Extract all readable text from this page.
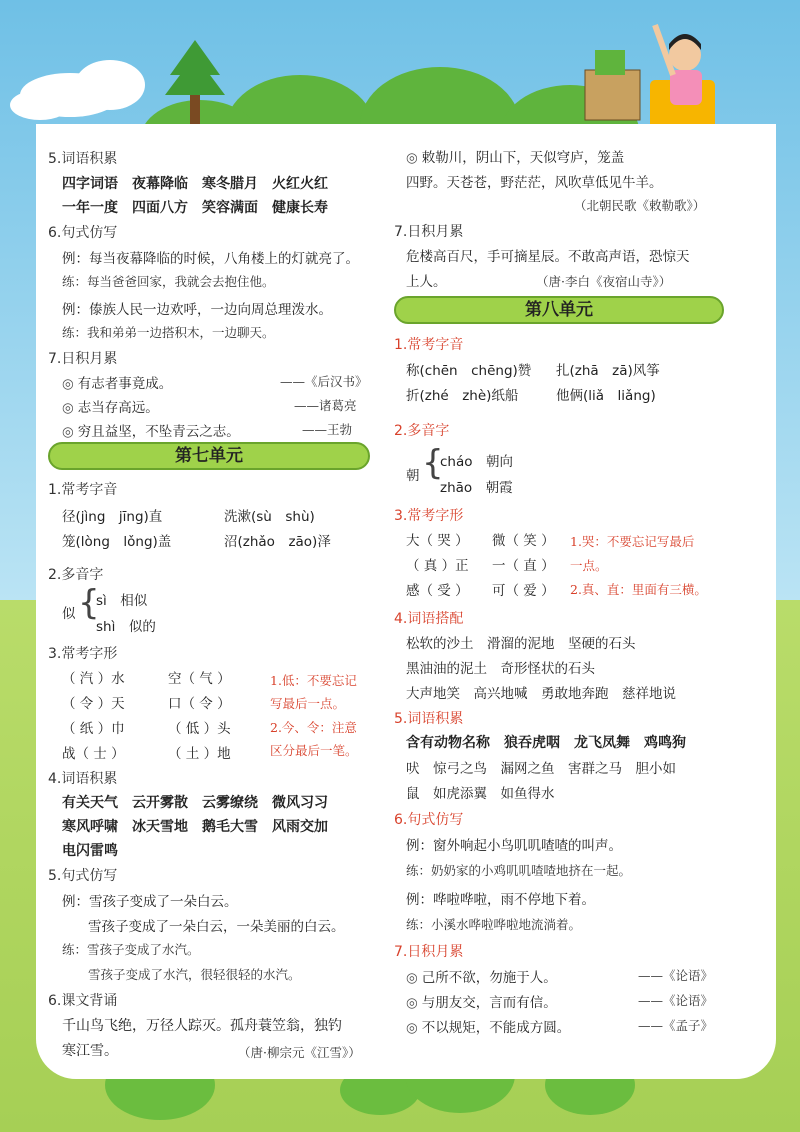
5.词语积累
四字词语　夜幕降临　寒冬腊月　火红火红
一年一度　四面八方　笑容满面　健康长寿
6.句式仿写
例：每当夜幕降临的时候，八角楼上的灯就亮了。
练：每当爸爸回家，我就会去抱住他。
例：傣族人民一边欢呼，一边向周总理泼水。
练：我和弟弟一边搭积木，一边聊天。
7.日积月累
◎ 有志者事竟成。	——《后汉书》
◎ 志当存高远。	——诸葛亮
◎ 穷且益坚，不坠青云之志。	——王勃
第七单元
1.常考字音
径(jìng　jīng)直	洗漱(sù　shù)
笼(lòng　lǒng)盖	沼(zhǎo　zāo)泽
2.多音字
似 {
sì　相似
shì　似的
3.常考字形
（ 汽 ）水	空（ 气 ）
（ 令 ）天	口（ 令 ）
（ 纸 ）巾	（ 低 ）头
战（ 士 ）	（ 土 ）地
1.低：不要忘记
写最后一点。
2.今、令：注意
区分最后一笔。
4.词语积累
有关天气　云开雾散　云雾缭绕　微风习习
寒风呼啸　冰天雪地　鹅毛大雪　风雨交加
电闪雷鸣
5.句式仿写
例：雪孩子变成了一朵白云。
雪孩子变成了一朵白云，一朵美丽的白云。
练：雪孩子变成了水汽。
雪孩子变成了水汽，很轻很轻的水汽。
6.课文背诵
千山鸟飞绝，万径人踪灭。孤舟蓑笠翁，独钓
寒江雪。	（唐·柳宗元《江雪》）
◎ 敕勒川，阴山下，天似穹庐，笼盖
四野。天苍苍，野茫茫，风吹草低见牛羊。
（北朝民歌《敕勒歌》）
7.日积月累
危楼高百尺，手可摘星辰。不敢高声语，恐惊天
上人。	（唐·李白《夜宿山寺》）
第八单元
1.常考字音
称(chēn　chēng)赞 扎(zhā　zā)风筝
折(zhé　zhè)纸船	他俩(liǎ　liǎng)
2.多音字
朝 {
cháo　朝向
zhāo　朝霞
3.常考字形
大（ 哭 ） 微（ 笑 ）
（ 真 ）正 一（ 直 ）
感（ 受 ） 可（ 爱 ）
1.哭：不要忘记写最后
一点。
2.真、直：里面有三横。
4.词语搭配
松软的沙土　滑溜的泥地　坚硬的石头
黑油油的泥土　奇形怪状的石头
大声地笑　高兴地喊　勇敢地奔跑　慈祥地说
5.词语积累
含有动物名称　狼吞虎咽　龙飞凤舞　鸡鸣狗
吠　惊弓之鸟　漏网之鱼　害群之马　胆小如
鼠　如虎添翼　如鱼得水
6.句式仿写
例：窗外响起小鸟叽叽喳喳的叫声。
练：奶奶家的小鸡叽叽喳喳地挤在一起。
例：哗啦哗啦，雨不停地下着。
练：小溪水哗啦哗啦地流淌着。
7.日积月累
◎ 己所不欲，勿施于人。	——《论语》
◎ 与朋友交，言而有信。	——《论语》
◎ 不以规矩，不能成方圆。	——《孟子》
